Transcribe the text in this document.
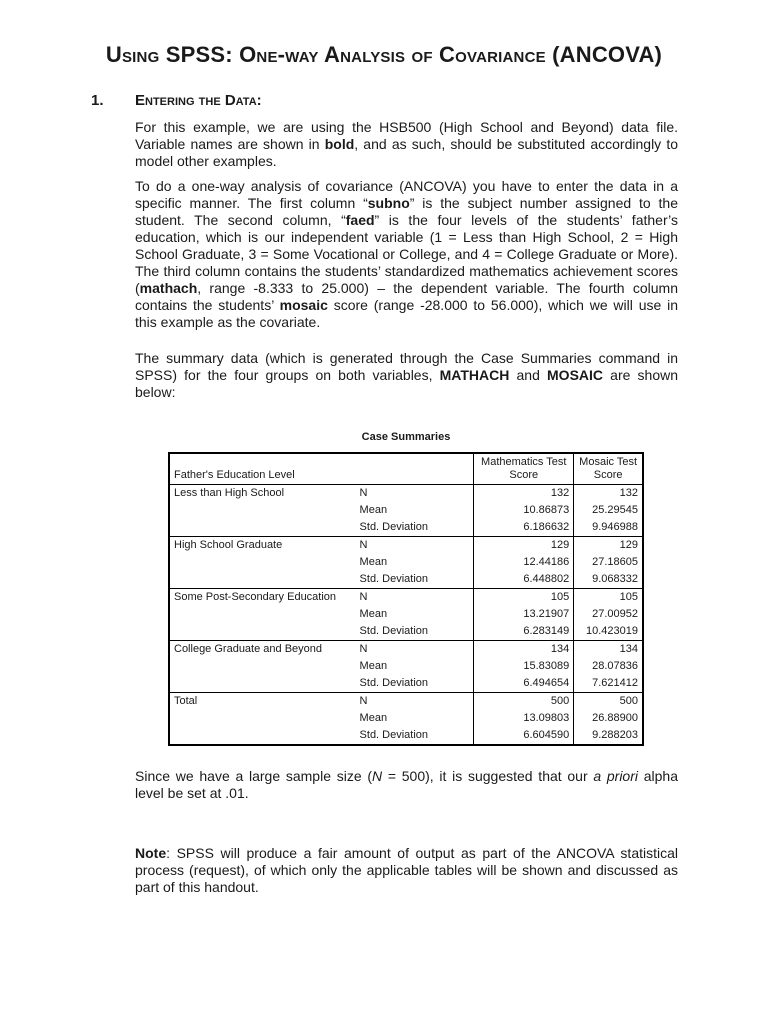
Using SPSS: One-way Analysis of Covariance (ANCOVA)
1. Entering the Data:

For this example, we are using the HSB500 (High School and Beyond) data file. Variable names are shown in bold, and as such, should be substituted accordingly to model other examples.

To do a one-way analysis of covariance (ANCOVA) you have to enter the data in a specific manner. The first column “subno” is the subject number assigned to the student. The second column, “faed” is the four levels of the students’ father’s education, which is our independent variable (1 = Less than High School, 2 = High School Graduate, 3 = Some Vocational or College, and 4 = College Graduate or More). The third column contains the students’ standardized mathematics achievement scores (mathach, range -8.333 to 25.000) – the dependent variable. The fourth column contains the students’ mosaic score (range -28.000 to 56.000), which we will use in this example as the covariate.

The summary data (which is generated through the Case Summaries command in SPSS) for the four groups on both variables, MATHACH and MOSAIC are shown below:

Case Summaries
Father's Education Level		Mathematics Test Score	Mosaic Test Score
Less than High School	N	132	132
	Mean	10.86873	25.29545
	Std. Deviation	6.186632	9.946988
High School Graduate	N	129	129
	Mean	12.44186	27.18605
	Std. Deviation	6.448802	9.068332
Some Post-Secondary Education	N	105	105
	Mean	13.21907	27.00952
	Std. Deviation	6.283149	10.423019
College Graduate and Beyond	N	134	134
	Mean	15.83089	28.07836
	Std. Deviation	6.494654	7.621412
Total	N	500	500
	Mean	13.09803	26.88900
	Std. Deviation	6.604590	9.288203

Since we have a large sample size (N = 500), it is suggested that our a priori alpha level be set at .01.

Note: SPSS will produce a fair amount of output as part of the ANCOVA statistical process (request), of which only the applicable tables will be shown and discussed as part of this handout.
